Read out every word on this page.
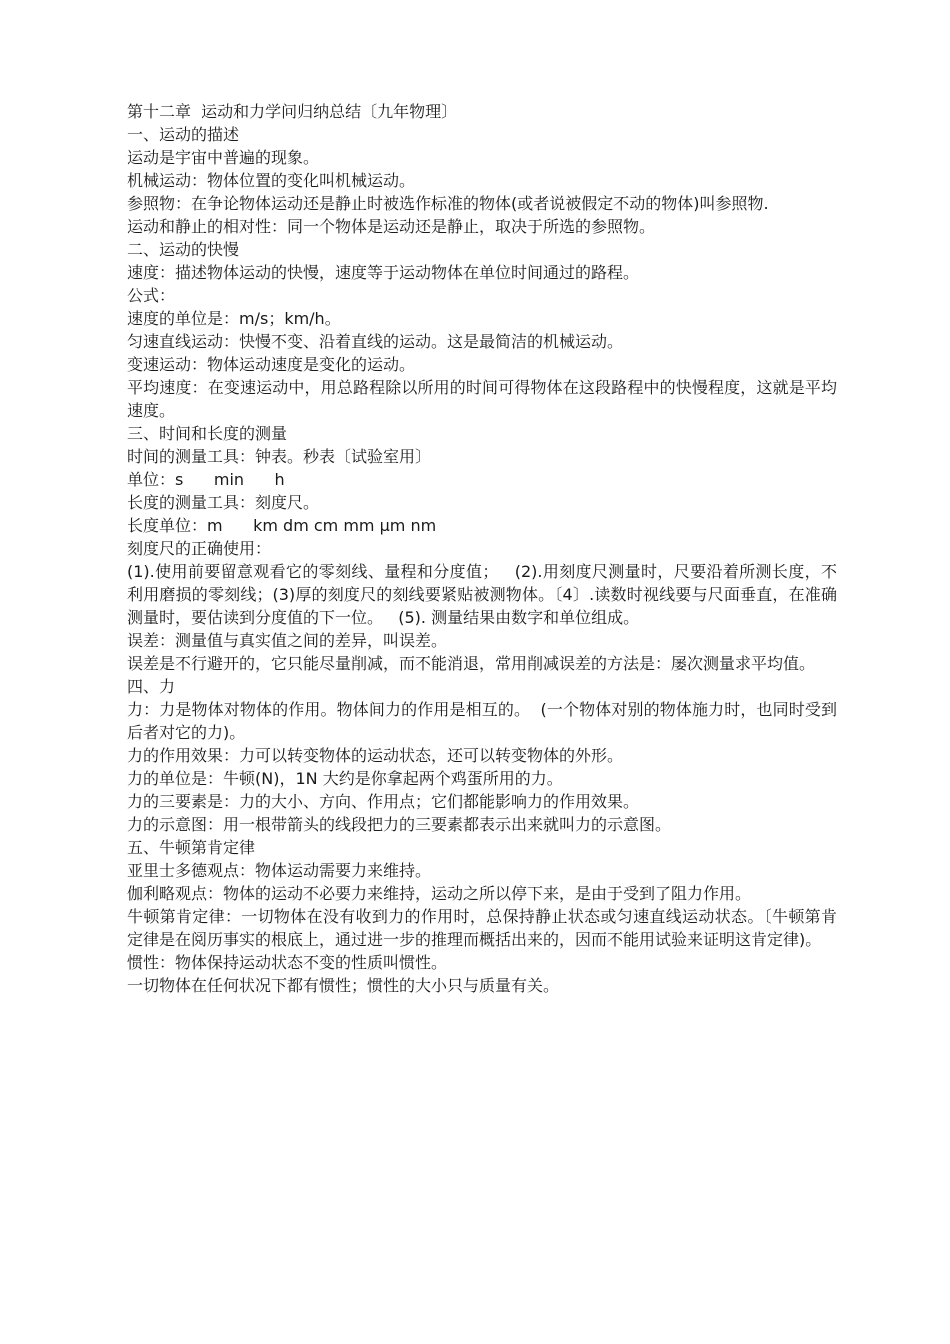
第十二章  运动和力学问归纳总结〔九年物理〕

一、运动的描述

运动是宇宙中普遍的现象。

机械运动：物体位置的变化叫机械运动。

参照物：在争论物体运动还是静止时被选作标准的物体(或者说被假定不动的物体)叫参照物.

运动和静止的相对性：同一个物体是运动还是静止，取决于所选的参照物。

二、运动的快慢

速度：描述物体运动的快慢，速度等于运动物体在单位时间通过的路程。

公式：

速度的单位是：m/s；km/h。

匀速直线运动：快慢不变、沿着直线的运动。这是最简洁的机械运动。

变速运动：物体运动速度是变化的运动。

平均速度：在变速运动中，用总路程除以所用的时间可得物体在这段路程中的快慢程度，这就是平均速度。

三、时间和长度的测量

时间的测量工具：钟表。秒表〔试验室用〕

单位：s      min      h

长度的测量工具：刻度尺。

长度单位：m      km dm cm mm μm nm

刻度尺的正确使用：

(1).使用前要留意观看它的零刻线、量程和分度值；   (2).用刻度尺测量时，尺要沿着所测长度，不利用磨损的零刻线；(3)厚的刻度尺的刻线要紧贴被测物体。〔4〕.读数时视线要与尺面垂直，在准确测量时，要估读到分度值的下一位。   (5). 测量结果由数字和单位组成。

误差：测量值与真实值之间的差异，叫误差。

误差是不行避开的，它只能尽量削减，而不能消退，常用削减误差的方法是：屡次测量求平均值。

四、力

力：力是物体对物体的作用。物体间力的作用是相互的。  (一个物体对别的物体施力时，也同时受到后者对它的力)。

力的作用效果：力可以转变物体的运动状态，还可以转变物体的外形。

力的单位是：牛顿(N)，1N 大约是你拿起两个鸡蛋所用的力。

力的三要素是：力的大小、方向、作用点；它们都能影响力的作用效果。

力的示意图：用一根带箭头的线段把力的三要素都表示出来就叫力的示意图。

五、牛顿第肯定律

亚里士多德观点：物体运动需要力来维持。

伽利略观点：物体的运动不必要力来维持，运动之所以停下来，是由于受到了阻力作用。

牛顿第肯定律：一切物体在没有收到力的作用时，总保持静止状态或匀速直线运动状态。〔牛顿第肯定律是在阅历事实的根底上，通过进一步的推理而概括出来的，因而不能用试验来证明这肯定律)。

惯性：物体保持运动状态不变的性质叫惯性。

一切物体在任何状况下都有惯性；惯性的大小只与质量有关。
